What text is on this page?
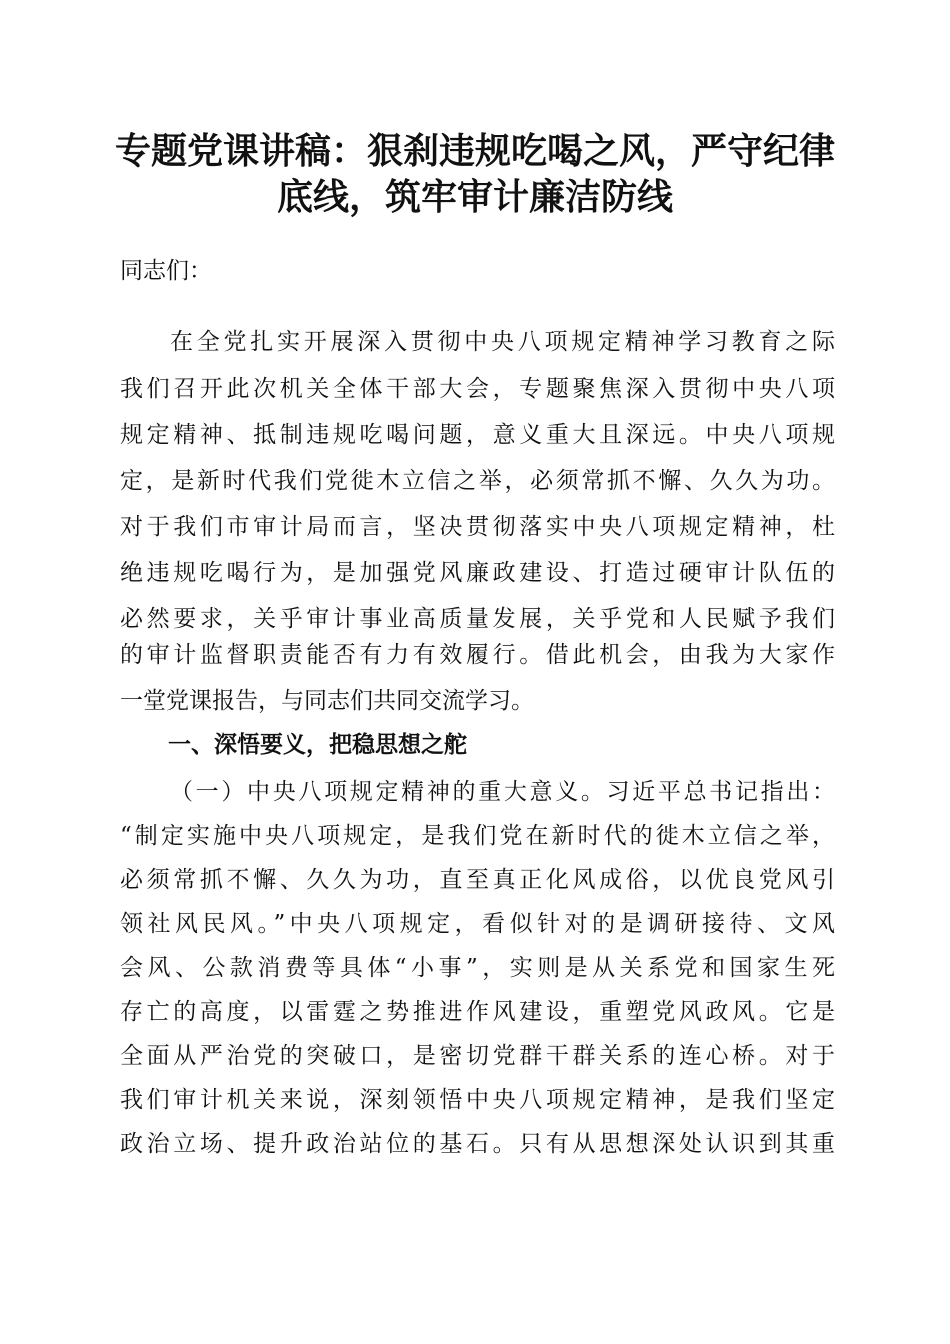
专题党课讲稿：狠刹违规吃喝之风，严守纪律
底线，筑牢审计廉洁防线

同志们：

在全党扎实开展深入贯彻中央八项规定精神学习教育之际

我们召开此次机关全体干部大会，专题聚焦深入贯彻中央八项

规定精神、抵制违规吃喝问题，意义重大且深远。中央八项规

定，是新时代我们党徙木立信之举，必须常抓不懈、久久为功。

对于我们市审计局而言，坚决贯彻落实中央八项规定精神，杜

绝违规吃喝行为，是加强党风廉政建设、打造过硬审计队伍的

必然要求，关乎审计事业高质量发展，关乎党和人民赋予我们

的审计监督职责能否有力有效履行。借此机会，由我为大家作

一堂党课报告，与同志们共同交流学习。

一、深悟要义，把稳思想之舵

（一）中央八项规定精神的重大意义。习近平总书记指出：

“制定实施中央八项规定，是我们党在新时代的徙木立信之举，

必须常抓不懈、久久为功，直至真正化风成俗，以优良党风引

领社风民风。”中央八项规定，看似针对的是调研接待、文风

会风、公款消费等具体“小事”，实则是从关系党和国家生死

存亡的高度，以雷霆之势推进作风建设，重塑党风政风。它是

全面从严治党的突破口，是密切党群干群关系的连心桥。对于

我们审计机关来说，深刻领悟中央八项规定精神，是我们坚定

政治立场、提升政治站位的基石。只有从思想深处认识到其重
